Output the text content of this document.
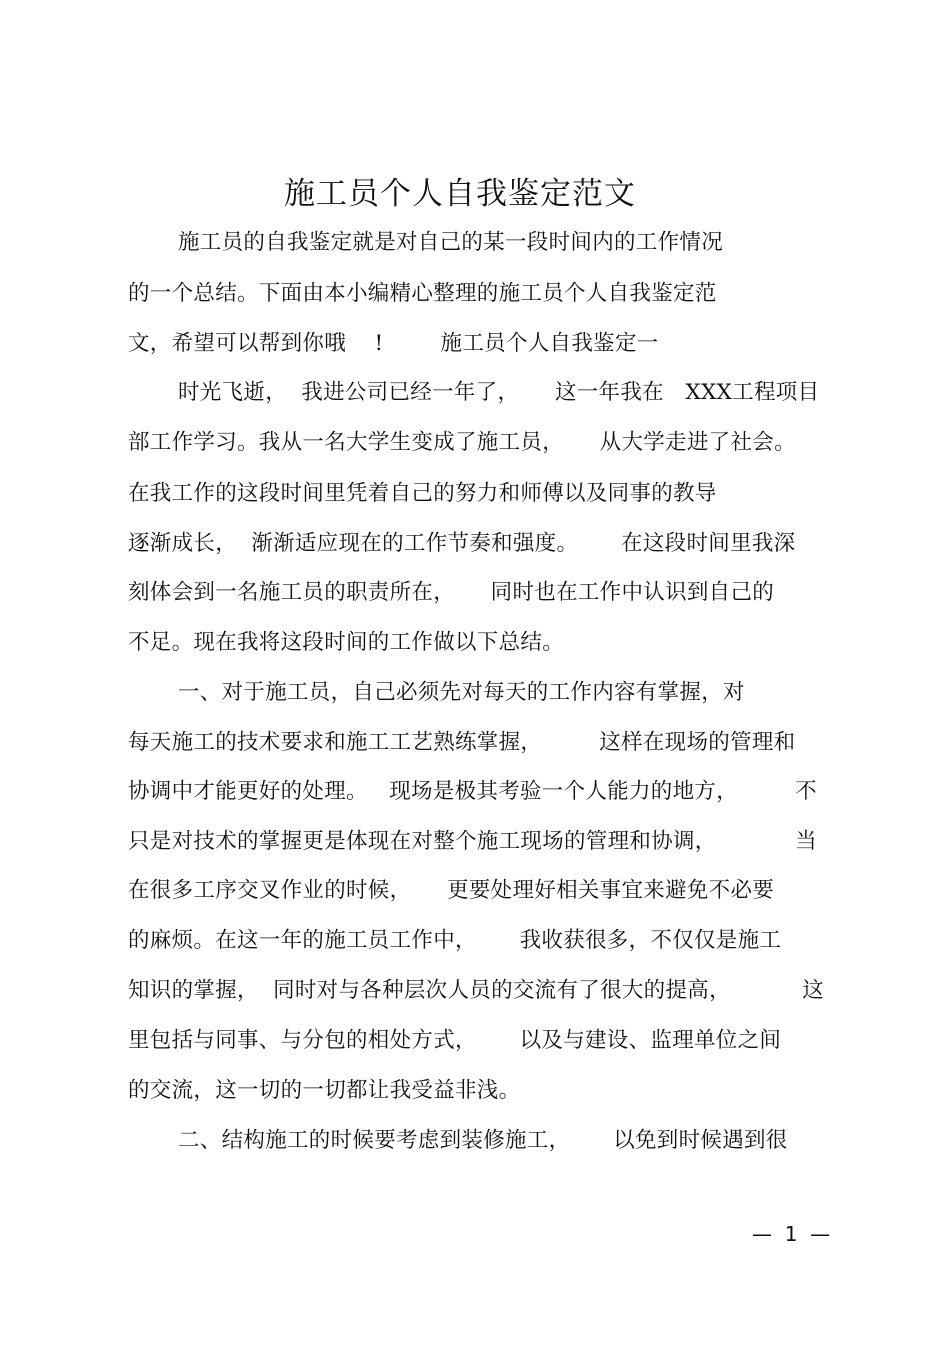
施工员个人自我鉴定范文
施工员的自我鉴定就是对自己的某一段时间内的工作情况
的一个总结。下面由本小编精心整理的施工员个人自我鉴定范
文，希望可以帮到你哦    !        施工员个人自我鉴定一
时光飞逝，  我进公司已经一年了，     这一年我在   XXX工程项目
部工作学习。我从一名大学生变成了施工员，     从大学走进了社会。
在我工作的这段时间里凭着自己的努力和师傅以及同事的教导
逐渐成长，  渐渐适应现在的工作节奏和强度。      在这段时间里我深
刻体会到一名施工员的职责所在，     同时也在工作中认识到自己的
不足。现在我将这段时间的工作做以下总结。
一、对于施工员，自己必须先对每天的工作内容有掌握，对
每天施工的技术要求和施工工艺熟练掌握，        这样在现场的管理和
协调中才能更好的处理。   现场是极其考验一个人能力的地方，        不
只是对技术的掌握更是体现在对整个施工现场的管理和协调，           当
在很多工序交叉作业的时候，     更要处理好相关事宜来避免不必要
的麻烦。在这一年的施工员工作中，      我收获很多，不仅仅是施工
知识的掌握，  同时对与各种层次人员的交流有了很大的提高，          这
里包括与同事、与分包的相处方式，      以及与建设、监理单位之间
的交流，这一切的一切都让我受益非浅。
二、结构施工的时候要考虑到装修施工，      以免到时候遇到很
—  1  —
